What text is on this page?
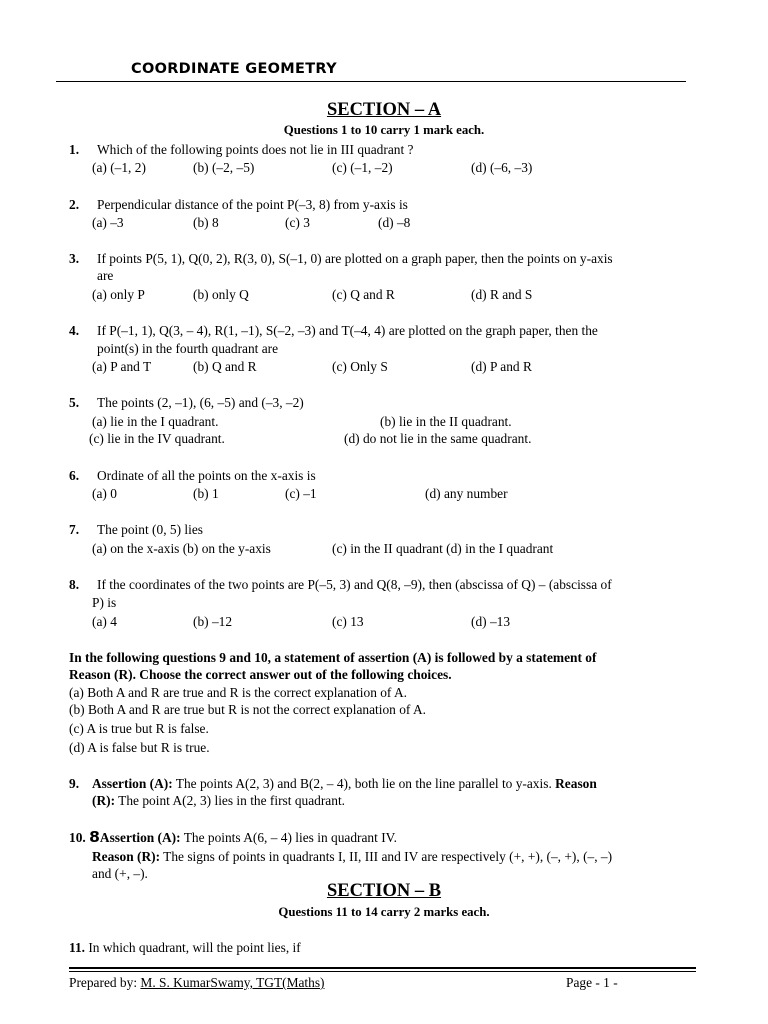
COORDINATE GEOMETRY
SECTION – A
Questions 1 to 10 carry 1 mark each.
1. Which of the following points does not lie in III quadrant ?
(a) (–1, 2)	(b) (–2, –5)	(c) (–1, –2)	(d) (–6, –3)
2. Perpendicular distance of the point P(–3, 8) from y-axis is
(a) –3	(b) 8	(c) 3	(d) –8
3. If points P(5, 1), Q(0, 2), R(3, 0), S(–1, 0) are plotted on a graph paper, then the points on y-axis
are
(a) only P	(b) only Q	(c) Q and R	(d) R and S
4. If P(–1, 1), Q(3, – 4), R(1, –1), S(–2, –3) and T(–4, 4) are plotted on the graph paper, then the
point(s) in the fourth quadrant are
(a) P and T	(b) Q and R	(c) Only S	(d) P and R
5. The points (2, –1), (6, –5) and (–3, –2)
(a) lie in the I quadrant.	(b) lie in the II quadrant.
(c) lie in the IV quadrant.	(d) do not lie in the same quadrant.
6. Ordinate of all the points on the x-axis is
(a) 0	(b) 1	(c) –1	(d) any number
7. The point (0, 5) lies
(a) on the x-axis (b) on the y-axis	(c) in the II quadrant (d) in the I quadrant
8. If the coordinates of the two points are P(–5, 3) and Q(8, –9), then (abscissa of Q) – (abscissa of
P) is
(a) 4	(b) –12	(c) 13	(d) –13
In the following questions 9 and 10, a statement of assertion (A) is followed by a statement of
Reason (R). Choose the correct answer out of the following choices.
(a) Both A and R are true and R is the correct explanation of A.
(b) Both A and R are true but R is not the correct explanation of A.
(c) A is true but R is false.
(d) A is false but R is true.
9. Assertion (A): The points A(2, 3) and B(2, – 4), both lie on the line parallel to y-axis. Reason
(R): The point A(2, 3) lies in the first quadrant.
10. 8Assertion (A): The points A(6, – 4) lies in quadrant IV.
Reason (R): The signs of points in quadrants I, II, III and IV are respectively (+, +), (–, +), (–, –)
and (+, –).
SECTION – B
Questions 11 to 14 carry 2 marks each.
11. In which quadrant, will the point lies, if
Prepared by: M. S. KumarSwamy, TGT(Maths)	Page - 1 -
